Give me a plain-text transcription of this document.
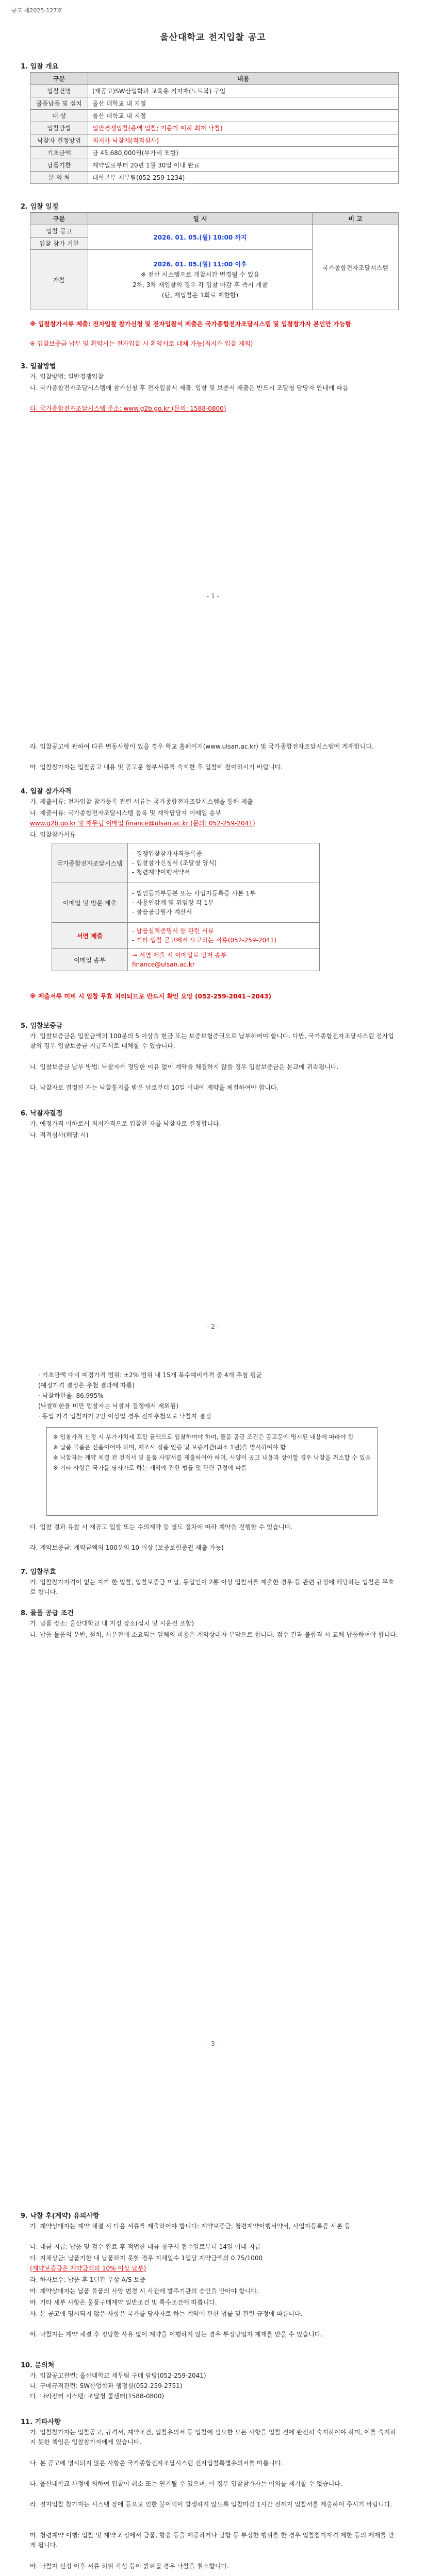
공고 제2025-127호
울산대학교 전지입찰 공고
1. 입찰 개요
구분	내용
입찰건명	(재공고)SW산업학과 교육용 기자재(노트북) 구입
물품납품 및 설치	울산 대학교 내 지정
대 상	울산 대학교 내 지정
입찰방법	일반경쟁입찰(총액 입찰; 기준가 이하 최저 낙찰)
낙찰자 결정방법	최저가 낙찰제(적격심사)
기초금액	금 45,680,000원(부가세 포함)
납품기한	계약일로부터 20년 1월 30일 이내 완료
문 의 처	대학본부 재무팀(052-259-1234)
2. 입찰 일정
구분	일 시	비 고
입찰 공고	2026. 01. 05.(월) 10:00 까지	국가종합전자조달시스템
입찰 참가 기한		
개찰	2026. 01. 05.(월) 11:00 이후
※ 전산 시스템으로 개찰시간 변경될 수 있음
2차, 3차 재입찰의 경우 각 입찰 마감 후 즉시 개찰
(단, 재입찰은 1회로 제한함)	
※ 입찰참가서류 제출: 전자입찰 참가신청 및 전자입찰서 제출은 국가종합전자조달시스템 및 입찰참가자 본인만 가능함
※ 입찰보증금 납부 및 확약서는 전자입찰 시 확약서로 대체 가능(최저가 입찰 제외)
3. 입찰방법
가. 입찰방법: 일반경쟁입찰
나. 국가종합전자조달시스템에 참가신청 후 전자입찰서 제출. 입찰 및 보증서 제출은 반드시 조달청 담당자 안내에 따름
다. 국가종합전자조달시스템 주소: www.g2b.go.kr (문의: 1588-0800)
- 1 -
라. 입찰공고에 관하여 다른 변동사항이 있을 경우 학교 홈페이지(www.ulsan.ac.kr) 및 국가종합전자조달시스템에 게재합니다.
마. 입찰참가자는 입찰공고 내용 및 공고문 첨부서류를 숙지한 후 입찰에 참여하시기 바랍니다.
4. 입찰 참가자격
가. 제출서류: 전자입찰 참가등록 관련 서류는 국가종합전자조달시스템을 통해 제출
나. 제출서류: 국가종합전자조달시스템 등록 및 계약담당자 이메일 송부
www.g2b.go.kr 및 재무팀 이메일 finance@ulsan.ac.kr (문의: 052-259-2041)
다. 입찰참가서류
국가종합전자조달시스템	- 경쟁입찰참가자격등록증
- 입찰참가신청서 (조달청 양식)
- 청렴계약이행서약서

이메일 및 방문 제출	- 법인등기부등본 또는 사업자등록증 사본 1부
- 사용인감계 및 위임장 각 1부
- 물품공급원가 계산서

서면 제출	- 납품실적증명서 등 관련 서류
- 기타 입찰 공고에서 요구하는 서류(052-259-2041)

이메일 송부	→ 서면 제출 시 이메일로 먼저 송부
finance@ulsan.ac.kr
※ 제출서류 미비 시 입찰 무효 처리되므로 반드시 확인 요망 (052-259-2041~2043)
5. 입찰보증금
가. 입찰보증금은 입찰금액의 100분의 5 이상을 현금 또는 보증보험증권으로 납부하여야 합니다. 다만, 국가종합전자조달시스템 전자입찰의 경우 입찰보증금 지급각서로 대체할 수 있습니다.
나. 입찰보증금 납부 방법: 낙찰자가 정당한 이유 없이 계약을 체결하지 않을 경우 입찰보증금은 본교에 귀속됩니다.
다. 낙찰자로 결정된 자는 낙찰통지를 받은 날로부터 10일 이내에 계약을 체결하여야 합니다.
6. 낙찰자결정
가. 예정가격 이하로서 최저가격으로 입찰한 자를 낙찰자로 결정합니다.
나. 적격심사(해당 시)
- 2 -
· 기초금액 대비 예정가격 범위: ±2% 범위 내 15개 복수예비가격 중 4개 추첨 평균
(예정가격 결정은 추첨 결과에 따름)
· 낙찰하한율: 86.995%
(낙찰하한율 미만 입찰자는 낙찰자 결정에서 제외됨)
· 동일 가격 입찰자가 2인 이상일 경우 전자추첨으로 낙찰자 결정
※ 입찰가격 산정 시 부가가치세 포함 금액으로 입찰하여야 하며, 물품 공급 조건은 공고문에 명시된 내용에 따라야 함
※ 납품 물품은 신품이어야 하며, 제조사 정품 인증 및 보증기간(최소 1년)을 명시하여야 함
※ 낙찰자는 계약 체결 전 견적서 및 물품 사양서를 제출하여야 하며, 사양이 공고 내용과 상이할 경우 낙찰을 취소할 수 있음
※ 기타 사항은 국가를 당사자로 하는 계약에 관한 법률 및 관련 규정에 따름
다. 입찰 결과 유찰 시 재공고 입찰 또는 수의계약 등 별도 절차에 따라 계약을 진행할 수 있습니다.
라. 계약보증금: 계약금액의 100분의 10 이상 (보증보험증권 제출 가능)
7. 입찰무효
가. 입찰참가자격이 없는 자가 한 입찰, 입찰보증금 미납, 동일인이 2통 이상 입찰서를 제출한 경우 등 관련 규정에 해당하는 입찰은 무효로 합니다.
8. 물품 공급 조건
가. 납품 장소: 울산대학교 내 지정 장소(설치 및 시운전 포함)
나. 납품 물품의 운반, 설치, 시운전에 소요되는 일체의 비용은 계약상대자 부담으로 합니다. 검수 결과 불합격 시 교체 납품하여야 합니다.
- 3 -
9. 낙찰 후(계약) 유의사항
가. 계약상대자는 계약 체결 시 다음 서류를 제출하여야 합니다: 계약보증금, 청렴계약이행서약서, 사업자등록증 사본 등
나. 대금 지급: 납품 및 검수 완료 후 적법한 대금 청구서 접수일로부터 14일 이내 지급
다. 지체상금: 납품기한 내 납품하지 못할 경우 지체일수 1일당 계약금액의 0.75/1000
(계약보증금은 계약금액의 10% 이상 납부)
라. 하자보수: 납품 후 1년간 무상 A/S 보증
마. 계약상대자는 납품 물품의 사양 변경 시 사전에 발주기관의 승인을 받아야 합니다.
바. 기타 세부 사항은 물품구매계약 일반조건 및 특수조건에 따릅니다.
사. 본 공고에 명시되지 않은 사항은 국가를 당사자로 하는 계약에 관한 법률 및 관련 규정에 따릅니다.
아. 낙찰자는 계약 체결 후 정당한 사유 없이 계약을 이행하지 않는 경우 부정당업자 제재를 받을 수 있습니다.
10. 문의처
가. 입찰공고관련: 울산대학교 재무팀 구매 담당(052-259-2041)
나. 구매규격관련: SW산업학과 행정실(052-259-2751)
다. 나라장터 시스템: 조달청 콜센터(1588-0800)
11. 기타사항
가. 입찰참가자는 입찰공고, 규격서, 계약조건, 입찰유의서 등 입찰에 필요한 모든 사항을 입찰 전에 완전히 숙지하여야 하며, 이를 숙지하지 못한 책임은 입찰참가자에게 있습니다.
나. 본 공고에 명시되지 않은 사항은 국가종합전자조달시스템 전자입찰특별유의서를 따릅니다.
다. 울산대학교 사정에 의하여 입찰이 취소 또는 연기될 수 있으며, 이 경우 입찰참가자는 이의를 제기할 수 없습니다.
라. 전자입찰 참가자는 시스템 장애 등으로 인한 불이익이 발생하지 않도록 입찰마감 1시간 전까지 입찰서를 제출하여 주시기 바랍니다.
마. 청렴계약 이행: 입찰 및 계약 과정에서 금품, 향응 등을 제공하거나 담합 등 부정한 행위를 한 경우 입찰참가자격 제한 등의 제재를 받게 됩니다.
바. 낙찰자 선정 이후 서류 허위 작성 등이 밝혀질 경우 낙찰을 취소합니다.
